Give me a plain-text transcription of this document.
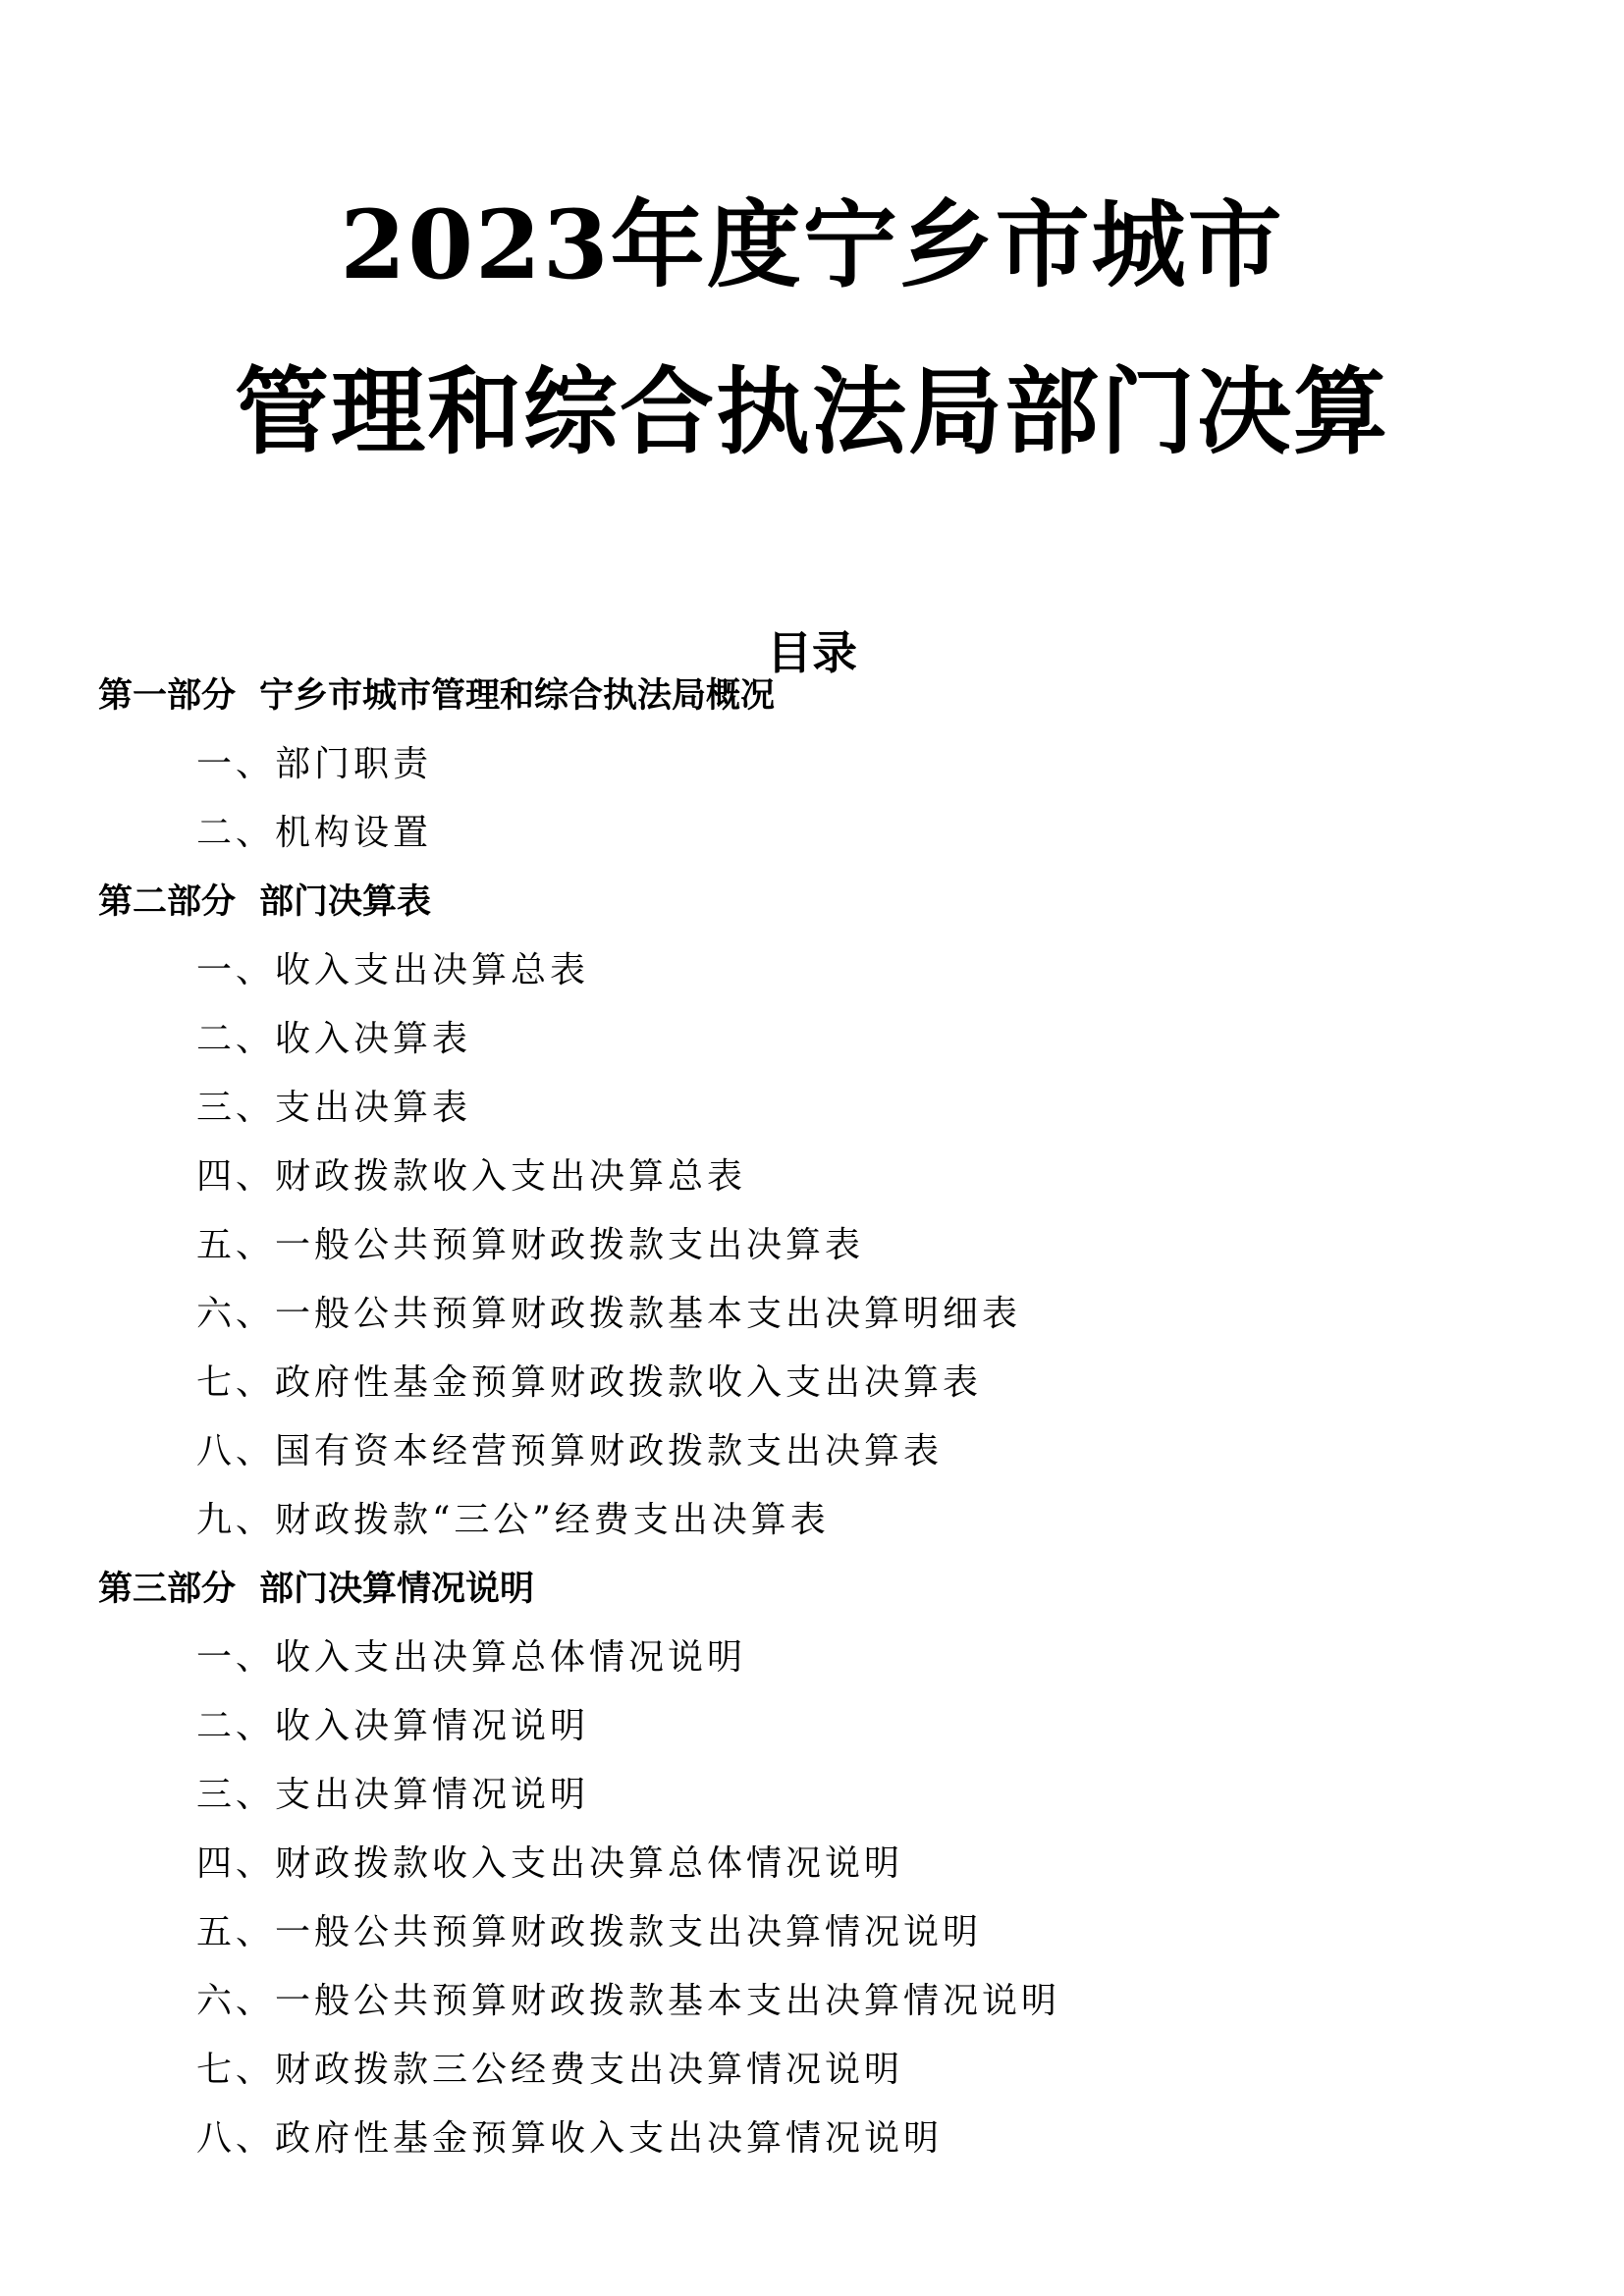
2023年度宁乡市城市
管理和综合执法局部门决算
目录
第一部分 宁乡市城市管理和综合执法局概况
一、部门职责
二、机构设置
第二部分 部门决算表
一、收入支出决算总表
二、收入决算表
三、支出决算表
四、财政拨款收入支出决算总表
五、一般公共预算财政拨款支出决算表
六、一般公共预算财政拨款基本支出决算明细表
七、政府性基金预算财政拨款收入支出决算表
八、国有资本经营预算财政拨款支出决算表
九、财政拨款“三公”经费支出决算表
第三部分 部门决算情况说明
一、收入支出决算总体情况说明
二、收入决算情况说明
三、支出决算情况说明
四、财政拨款收入支出决算总体情况说明
五、一般公共预算财政拨款支出决算情况说明
六、一般公共预算财政拨款基本支出决算情况说明
七、财政拨款三公经费支出决算情况说明
八、政府性基金预算收入支出决算情况说明
